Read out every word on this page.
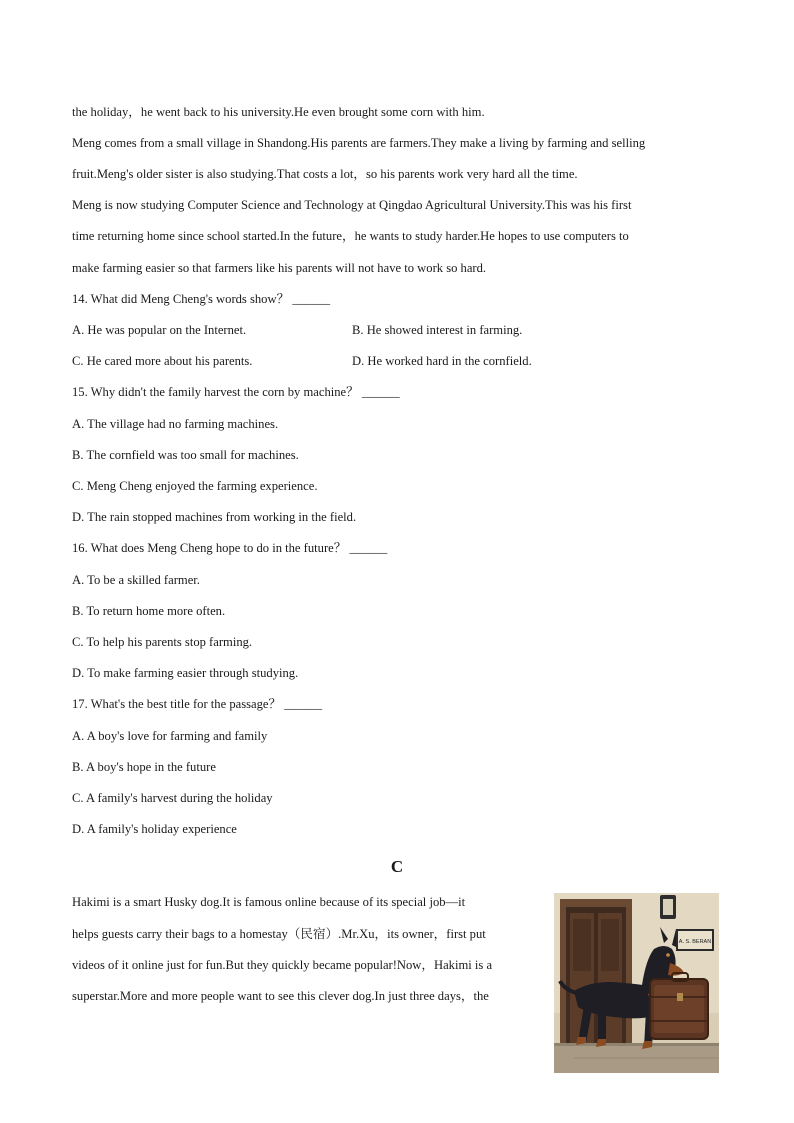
the holiday，he went back to his university.He even brought some corn with him.
Meng comes from a small village in Shandong.His parents are farmers.They make a living by farming and selling
fruit.Meng's older sister is also studying.That costs a lot，so his parents work very hard all the time.
Meng is now studying Computer Science and Technology at Qingdao Agricultural University.This was his first
time returning home since school started.In the future，he wants to study harder.He hopes to use computers to
make farming easier so that farmers like his parents will not have to work so hard.
14. What did Meng Cheng's words show？ ______
A. He was popular on the Internet.	B. He showed interest in farming.
C. He cared more about his parents.	D. He worked hard in the cornfield.
15. Why didn't the family harvest the corn by machine？ ______
A. The village had no farming machines.
B. The cornfield was too small for machines.
C. Meng Cheng enjoyed the farming experience.
D. The rain stopped machines from working in the field.
16. What does Meng Cheng hope to do in the future？ ______
A. To be a skilled farmer.
B. To return home more often.
C. To help his parents stop farming.
D. To make farming easier through studying.
17. What's the best title for the passage？ ______
A. A boy's love for farming and family
B. A boy's hope in the future
C. A family's harvest during the holiday
D. A family's holiday experience
C
Hakimi is a smart Husky dog.It is famous online because of its special job—it
helps guests carry their bags to a homestay（民宿）.Mr.Xu，its owner，first put
videos of it online just for fun.But they quickly became popular!Now，Hakimi is a
superstar.More and more people want to see this clever dog.In just three days，the
A. S. BERAN
